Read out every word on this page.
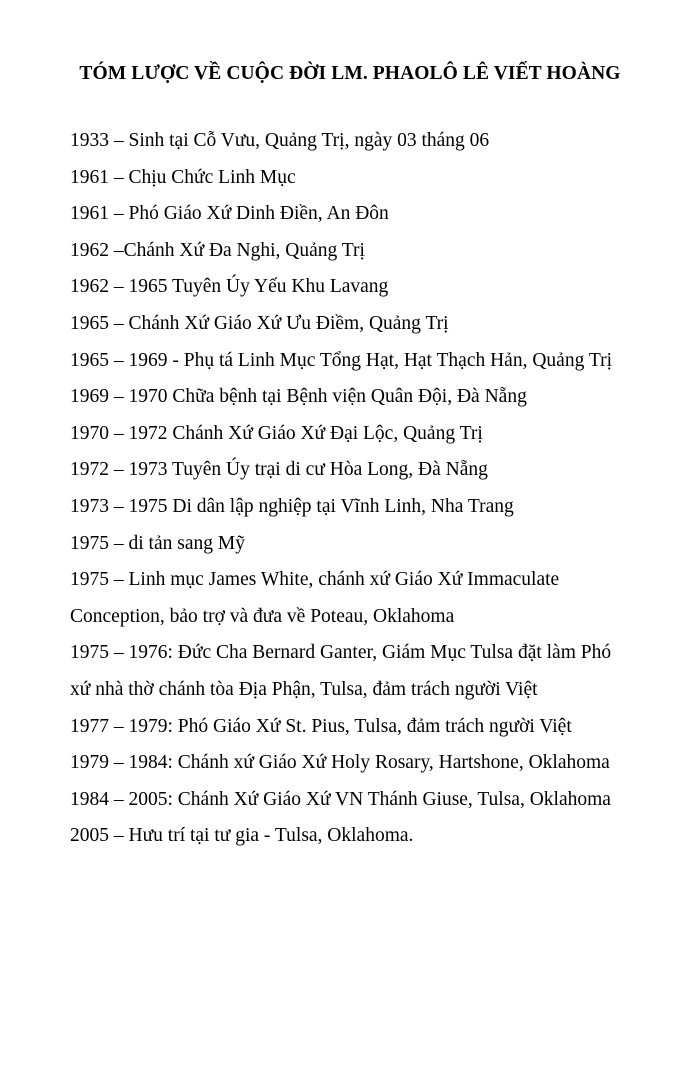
TÓM LƯỢC VỀ CUỘC ĐỜI LM. PHAOLÔ LÊ VIẾT HOÀNG
1933 – Sinh tại Cỗ Vưu, Quảng Trị, ngày 03 tháng 06
1961 – Chịu Chức Linh Mục
1961 – Phó Giáo Xứ Dinh Điền, An Đôn
1962 –Chánh Xứ Đa Nghi, Quảng Trị
1962 – 1965 Tuyên Úy Yếu Khu Lavang
1965 – Chánh Xứ Giáo Xứ Ưu Điềm, Quảng Trị
1965 – 1969 - Phụ tá Linh Mục Tổng Hạt, Hạt Thạch Hản, Quảng Trị
1969 – 1970 Chữa bệnh tại Bệnh viện Quân Đội, Đà Nẵng
1970 – 1972 Chánh Xứ Giáo Xứ Đại Lộc, Quảng Trị
1972 – 1973 Tuyên Úy trại di cư Hòa Long, Đà Nẵng
1973 – 1975 Di dân lập nghiệp tại Vĩnh Linh, Nha Trang
1975 – di tản sang Mỹ
1975 – Linh mục James White, chánh xứ Giáo Xứ Immaculate
Conception, bảo trợ và đưa về Poteau, Oklahoma
1975 – 1976: Đức Cha Bernard Ganter, Giám Mục Tulsa đặt làm Phó
xứ nhà thờ chánh tòa Địa Phận, Tulsa, đảm trách người Việt
1977 – 1979: Phó Giáo Xứ St. Pius, Tulsa, đảm trách người Việt
1979 – 1984: Chánh xứ Giáo Xứ Holy Rosary, Hartshone, Oklahoma
1984 – 2005: Chánh Xứ Giáo Xứ VN Thánh Giuse, Tulsa, Oklahoma
2005 – Hưu trí tại tư gia - Tulsa, Oklahoma.
